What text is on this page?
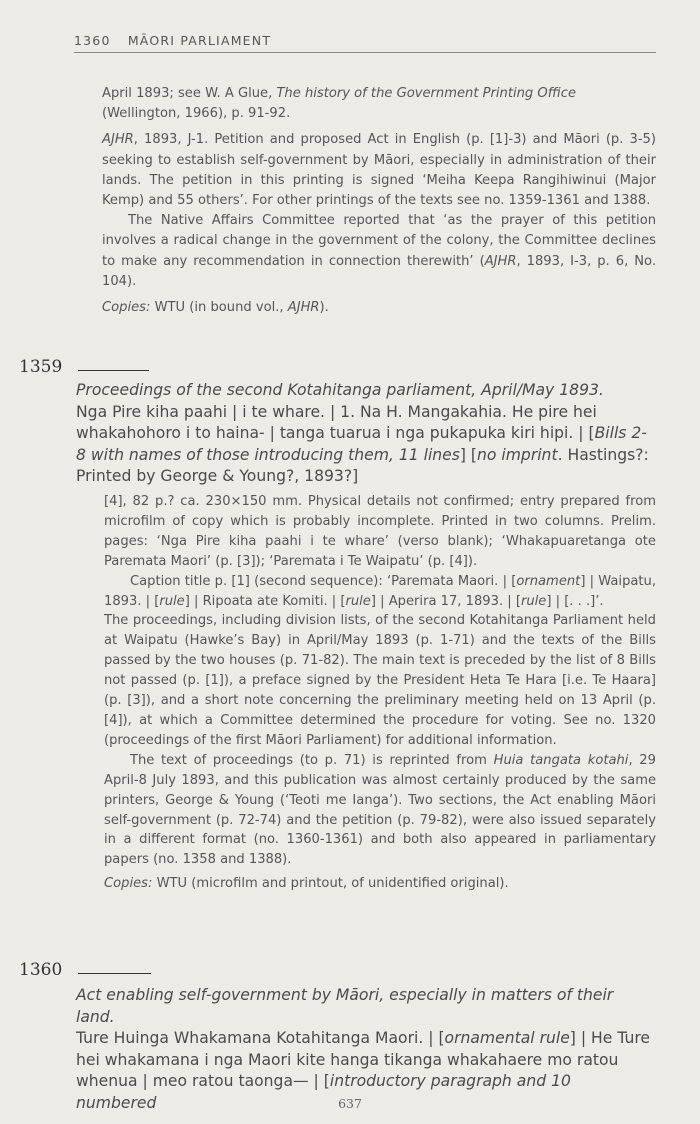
1360 MĀORI PARLIAMENT

April 1893; see W. A Glue, The history of the Government Printing Office
(Wellington, 1966), p. 91-92.

AJHR, 1893, J-1. Petition and proposed Act in English (p. [1]-3) and Māori (p. 3-5) seeking to establish self-government by Māori, especially in administration of their lands. The petition in this printing is signed ‘Meiha Keepa Rangihiwinui (Major Kemp) and 55 others’. For other printings of the texts see no. 1359-1361 and 1388.

The Native Affairs Committee reported that ‘as the prayer of this petition involves a radical change in the government of the colony, the Committee declines to make any recommendation in connection therewith’ (AJHR, 1893, I-3, p. 6, No. 104).

Copies: WTU (in bound vol., AJHR).

1359
Proceedings of the second Kotahitanga parliament, April/May 1893.
Nga Pire kiha paahi | i te whare. | 1. Na H. Mangakahia. He pire hei whakahohoro i to haina- | tanga tuarua i nga pukapuka kiri hipi. | [Bills 2-8 with names of those introducing them, 11 lines] [no imprint. Hastings?: Printed by George & Young?, 1893?]

[4], 82 p.? ca. 230×150 mm. Physical details not confirmed; entry prepared from microfilm of copy which is probably incomplete. Printed in two columns. Prelim. pages: ‘Nga Pire kiha paahi i te whare’ (verso blank); ‘Whakapuaretanga ote Paremata Maori’ (p. [3]); ‘Paremata i Te Waipatu’ (p. [4]).

Caption title p. [1] (second sequence): ‘Paremata Maori. | [ornament] | Waipatu, 1893. | [rule] | Ripoata ate Komiti. | [rule] | Aperira 17, 1893. | [rule] | [. . .]’.

The proceedings, including division lists, of the second Kotahitanga Parliament held at Waipatu (Hawke’s Bay) in April/May 1893 (p. 1-71) and the texts of the Bills passed by the two houses (p. 71-82). The main text is preceded by the list of 8 Bills not passed (p. [1]), a preface signed by the President Heta Te Hara [i.e. Te Haara] (p. [3]), and a short note concerning the preliminary meeting held on 13 April (p. [4]), at which a Committee determined the procedure for voting. See no. 1320 (proceedings of the first Māori Parliament) for additional information.

The text of proceedings (to p. 71) is reprinted from Huia tangata kotahi, 29 April-8 July 1893, and this publication was almost certainly produced by the same printers, George & Young (‘Teoti me Ianga’). Two sections, the Act enabling Māori self-government (p. 72-74) and the petition (p. 79-82), were also issued separately in a different format (no. 1360-1361) and both also appeared in parliamentary papers (no. 1358 and 1388).

Copies: WTU (microfilm and printout, of unidentified original).

1360
Act enabling self-government by Māori, especially in matters of their land.
Ture Huinga Whakamana Kotahitanga Maori. | [ornamental rule] | He Ture hei whakamana i nga Maori kite hanga tikanga whakahaere mo ratou whenua | meo ratou taonga— | [introductory paragraph and 10 numbered	637
